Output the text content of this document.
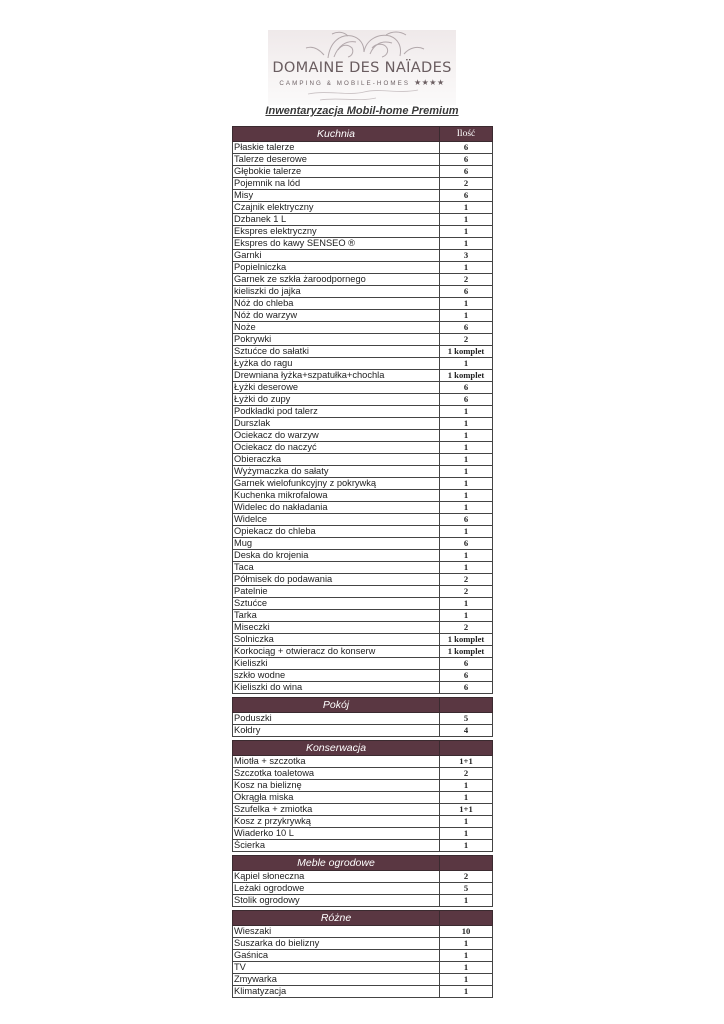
DOMAINE DES NAÏADES
CAMPING & MOBILE-HOMES ★★★★
Inwentaryzacja Mobil-home Premium
Kuchnia	Ilość
Płaskie talerze	6
Talerze deserowe	6
Głębokie talerze	6
Pojemnik na lód	2
Misy	6
Czajnik elektryczny	1
Dzbanek 1 L	1
Ekspres elektryczny	1
Ekspres do kawy SENSEO ®	1
Garnki	3
Popielniczka	1
Garnek ze szkła żaroodpornego	2
kieliszki do jajka	6
Nóż do chleba	1
Nóż do warzyw	1
Noże	6
Pokrywki	2
Sztućce do sałatki	1 komplet
Łyżka do ragu	1
Drewniana łyżka+szpatułka+chochla	1 komplet
Łyżki deserowe	6
Łyżki do zupy	6
Podkładki pod talerz	1
Durszlak	1
Ociekacz do warzyw	1
Ociekacz do naczyć	1
Obieraczka	1
Wyżymaczka do sałaty	1
Garnek wielofunkcyjny z pokrywką	1
Kuchenka mikrofalowa	1
Widelec do nakładania	1
Widelce	6
Opiekacz do chleba	1
Mug	6
Deska do krojenia	1
Taca	1
Półmisek do podawania	2
Patelnie	2
Sztućce	1
Tarka	1
Miseczki	2
Solniczka	1 komplet
Korkociąg + otwieracz do konserw	1 komplet
Kieliszki	6
szkło wodne	6
Kieliszki do wina	6

Pokój	
Poduszki	5
Kołdry	4

Konserwacja	
Miotła + szczotka	1+1
Szczotka toaletowa	2
Kosz na bieliznę	1
Okrągła miska	1
Szufelka + zmiotka	1+1
Kosz z przykrywką	1
Wiaderko 10 L	1
Ścierka	1

Meble ogrodowe	
Kąpiel słoneczna	2
Leżaki ogrodowe	5
Stolik ogrodowy	1

Różne	
Wieszaki	10
Suszarka do bielizny	1
Gaśnica	1
TV	1
Zmywarka	1
Klimatyzacja	1
